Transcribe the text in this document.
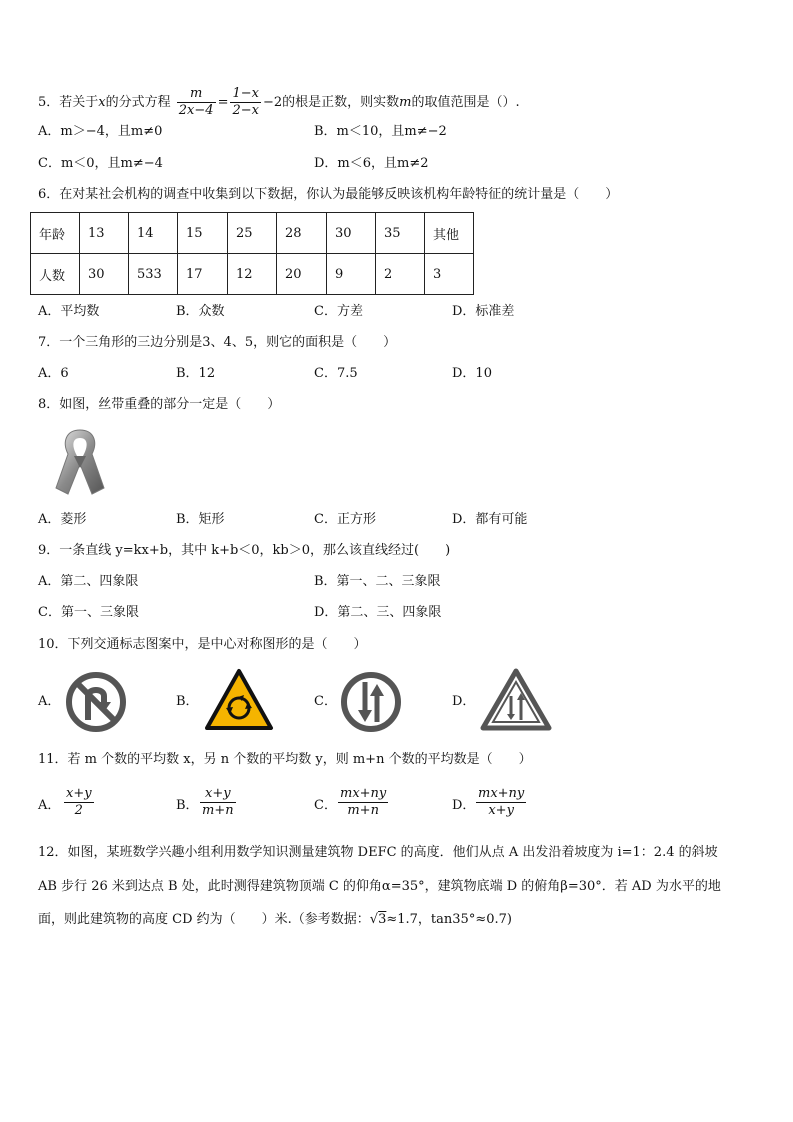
5．若关于x的分式方程 $\frac{m}{2x-4} = \frac{1-x}{2-x} -2$的根是正数，则实数m的取值范围是（）.
A．m＞−4，且m≠0	B．m＜10，且m≠−2
C．m＜0，且m≠−4	D．m＜6，且m≠2
6．在对某社会机构的调查中收集到以下数据，你认为最能够反映该机构年龄特征的统计量是（　　）
年龄	13	14	15	25	28	30	35	其他
人数	30	533	17	12	20	9	2	3
A．平均数	B．众数	C．方差	D．标准差
7．一个三角形的三边分别是3、4、5，则它的面积是（　　）
A．6	B．12	C．7.5	D．10
8．如图，丝带重叠的部分一定是（　　）
A．菱形	B．矩形	C．正方形	D．都有可能
9．一条直线 y=kx+b，其中 k+b＜0，kb＞0，那么该直线经过(　　)
A．第二、四象限	B．第一、二、三象限
C．第一、三象限	D．第二、三、四象限
10．下列交通标志图案中，是中心对称图形的是（　　）
A．	B．	C．	D．
11．若 m 个数的平均数 x，另 n 个数的平均数 y，则 m+n 个数的平均数是（　　）
A． $\frac{x+y}{2}$	B． $\frac{x+y}{m+n}$	C． $\frac{mx+ny}{m+n}$	D． $\frac{mx+ny}{x+y}$
12．如图，某班数学兴趣小组利用数学知识测量建筑物 DEFC 的高度．他们从点 A 出发沿着坡度为 i=1：2.4 的斜坡
AB 步行 26 米到达点 B 处，此时测得建筑物顶端 C 的仰角α=35°，建筑物底端 D 的俯角β=30°．若 AD 为水平的地
面，则此建筑物的高度 CD 约为（　　）米.（参考数据：√3≈1.7，tan35°≈0.7)
